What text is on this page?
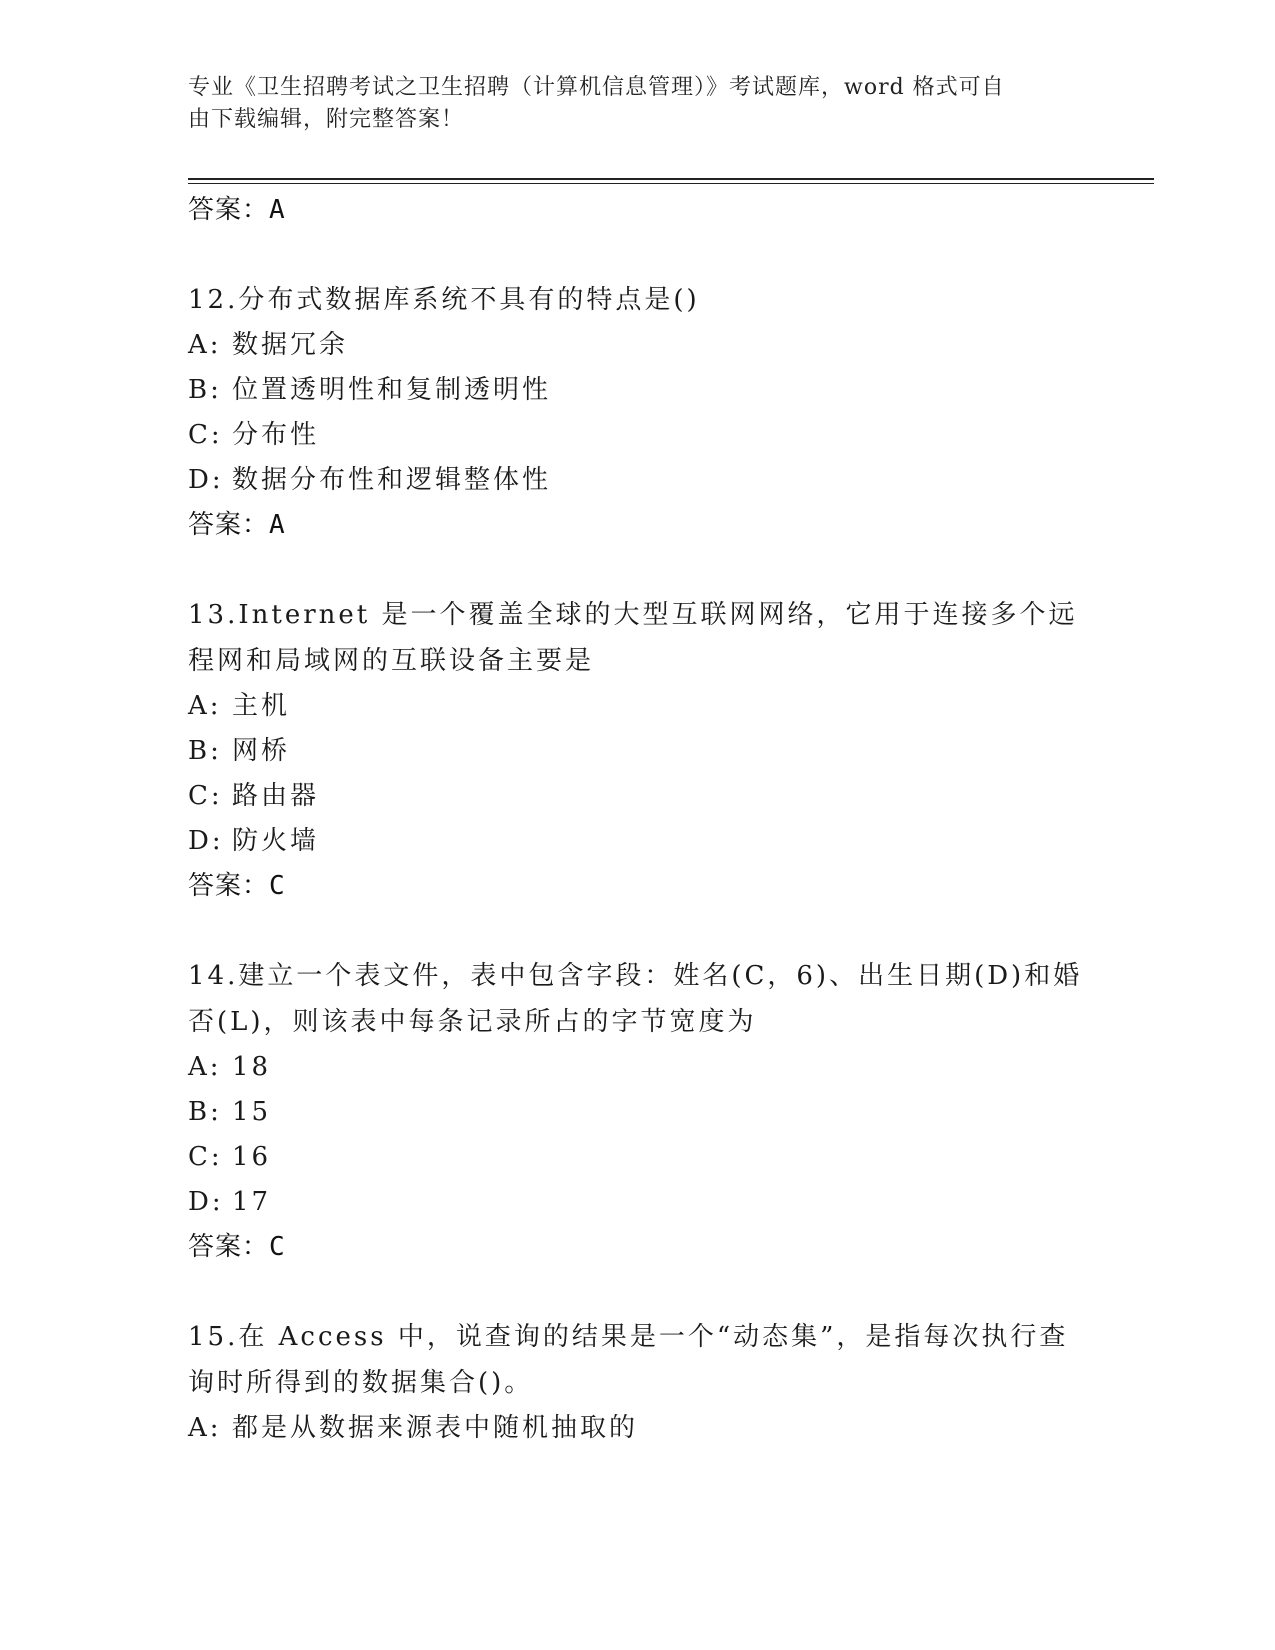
专业《卫生招聘考试之卫生招聘（计算机信息管理）》考试题库，word 格式可自
由下载编辑，附完整答案！
答案：A
12.分布式数据库系统不具有的特点是()
A: 数据冗余
B: 位置透明性和复制透明性
C: 分布性
D: 数据分布性和逻辑整体性
答案：A
13.Internet 是一个覆盖全球的大型互联网网络，它用于连接多个远程网和局域网的互联设备主要是
A: 主机
B: 网桥
C: 路由器
D: 防火墙
答案：C
14.建立一个表文件，表中包含字段：姓名(C，6)、出生日期(D)和婚否(L)，则该表中每条记录所占的字节宽度为
A: 18
B: 15
C: 16
D: 17
答案：C
15.在 Access 中，说查询的结果是一个“动态集”，是指每次执行查询时所得到的数据集合()。
A: 都是从数据来源表中随机抽取的
